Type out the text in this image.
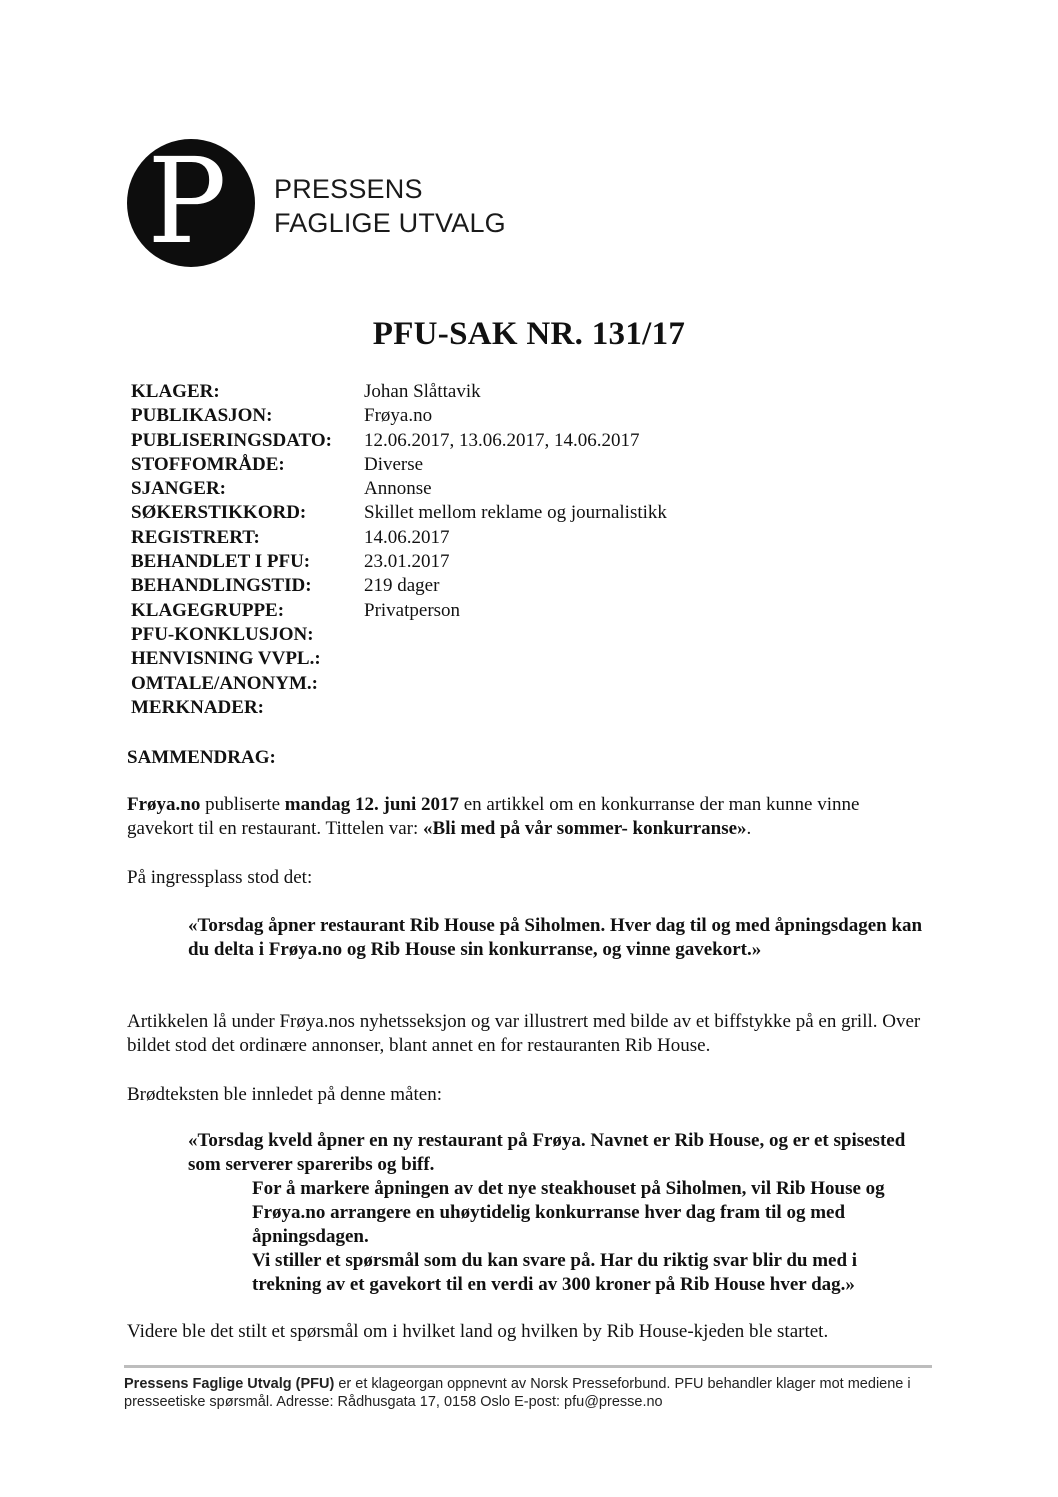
P PRESSENS
FAGLIGE UTVALG
PFU-SAK NR. 131/17
KLAGER:	Johan Slåttavik
PUBLIKASJON:	Frøya.no
PUBLISERINGSDATO:	12.06.2017, 13.06.2017, 14.06.2017
STOFFOMRÅDE:	Diverse
SJANGER:	Annonse
SØKERSTIKKORD:	Skillet mellom reklame og journalistikk
REGISTRERT:	14.06.2017
BEHANDLET I PFU:	23.01.2017
BEHANDLINGSTID:	219 dager
KLAGEGRUPPE:	Privatperson
PFU-KONKLUSJON:
HENVISNING VVPL.:
OMTALE/ANONYM.:
MERKNADER:
SAMMENDRAG:

Frøya.no publiserte mandag 12. juni 2017 en artikkel om en konkurranse der man kunne vinne gavekort til en restaurant. Tittelen var: «Bli med på vår sommer- konkurranse».

På ingressplass stod det:
«Torsdag åpner restaurant Rib House på Siholmen. Hver dag til og med åpningsdagen kan du delta i Frøya.no og Rib House sin konkurranse, og vinne gavekort.»
Artikkelen lå under Frøya.nos nyhetsseksjon og var illustrert med bilde av et biffstykke på en grill. Over bildet stod det ordinære annonser, blant annet en for restauranten Rib House.
Brødteksten ble innledet på denne måten:

«Torsdag kveld åpner en ny restaurant på Frøya. Navnet er Rib House, og er et spisested som serverer spareribs og biff.

For å markere åpningen av det nye steakhouset på Siholmen, vil Rib House og Frøya.no arrangere en uhøytidelig konkurranse hver dag fram til og med åpningsdagen.

Vi stiller et spørsmål som du kan svare på. Har du riktig svar blir du med i trekning av et gavekort til en verdi av 300 kroner på Rib House hver dag.»

Videre ble det stilt et spørsmål om i hvilket land og hvilken by Rib House-kjeden ble startet.
Pressens Faglige Utvalg (PFU) er et klageorgan oppnevnt av Norsk Presseforbund. PFU behandler klager mot mediene i presseetiske spørsmål. Adresse: Rådhusgata 17, 0158 Oslo E-post: pfu@presse.no
